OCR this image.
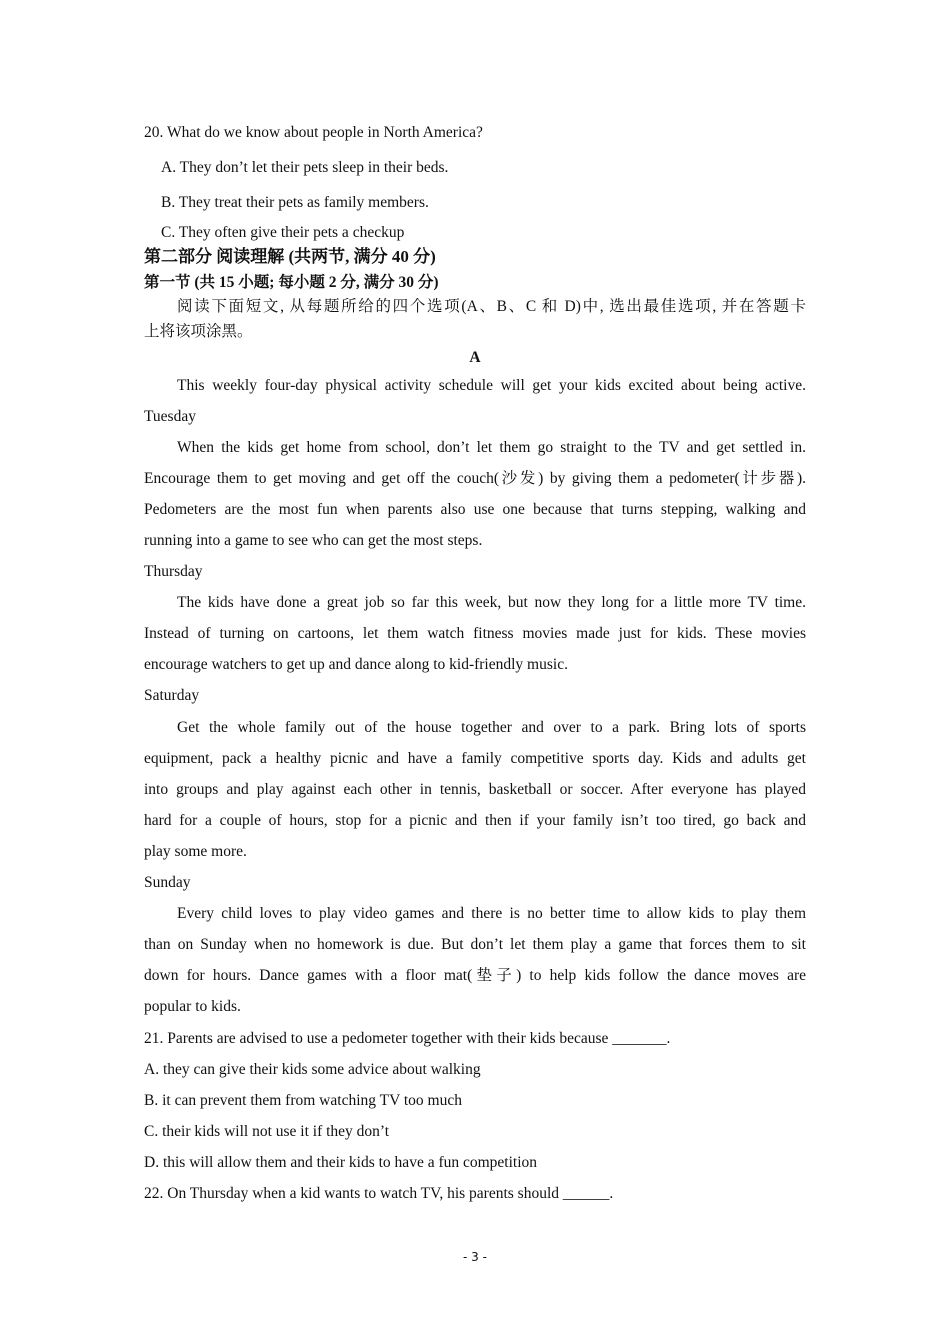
20. What do we know about people in North America?
A. They don’t let their pets sleep in their beds.
B. They treat their pets as family members.
C. They often give their pets a checkup
第二部分 阅读理解 (共两节, 满分 40 分)
第一节 (共 15 小题; 每小题 2 分, 满分 30 分)
阅读下面短文, 从每题所给的四个选项(A、B、C 和 D)中, 选出最佳选项, 并在答题卡
上将该项涂黑。
A
This weekly four-day physical activity schedule will get your kids excited about being active.
Tuesday
When the kids get home from school, don’t let them go straight to the TV and get settled in.
Encourage them to get moving and get off the couch(沙发) by giving them a pedometer(计步器).
Pedometers are the most fun when parents also use one because that turns stepping, walking and
running into a game to see who can get the most steps.
Thursday
The kids have done a great job so far this week, but now they long for a little more TV time.
Instead of turning on cartoons, let them watch fitness movies made just for kids. These movies
encourage watchers to get up and dance along to kid-friendly music.
Saturday
Get the whole family out of the house together and over to a park. Bring lots of sports
equipment, pack a healthy picnic and have a family competitive sports day. Kids and adults get
into groups and play against each other in tennis, basketball or soccer. After everyone has played
hard for a couple of hours, stop for a picnic and then if your family isn’t too tired, go back and
play some more.
Sunday
Every child loves to play video games and there is no better time to allow kids to play them
than on Sunday when no homework is due. But don’t let them play a game that forces them to sit
down for hours. Dance games with a floor mat(垫子) to help kids follow the dance moves are
popular to kids.
21. Parents are advised to use a pedometer together with their kids because _______.
A. they can give their kids some advice about walking
B. it can prevent them from watching TV too much
C. their kids will not use it if they don’t
D. this will allow them and their kids to have a fun competition
22. On Thursday when a kid wants to watch TV, his parents should ______.
- 3 -
